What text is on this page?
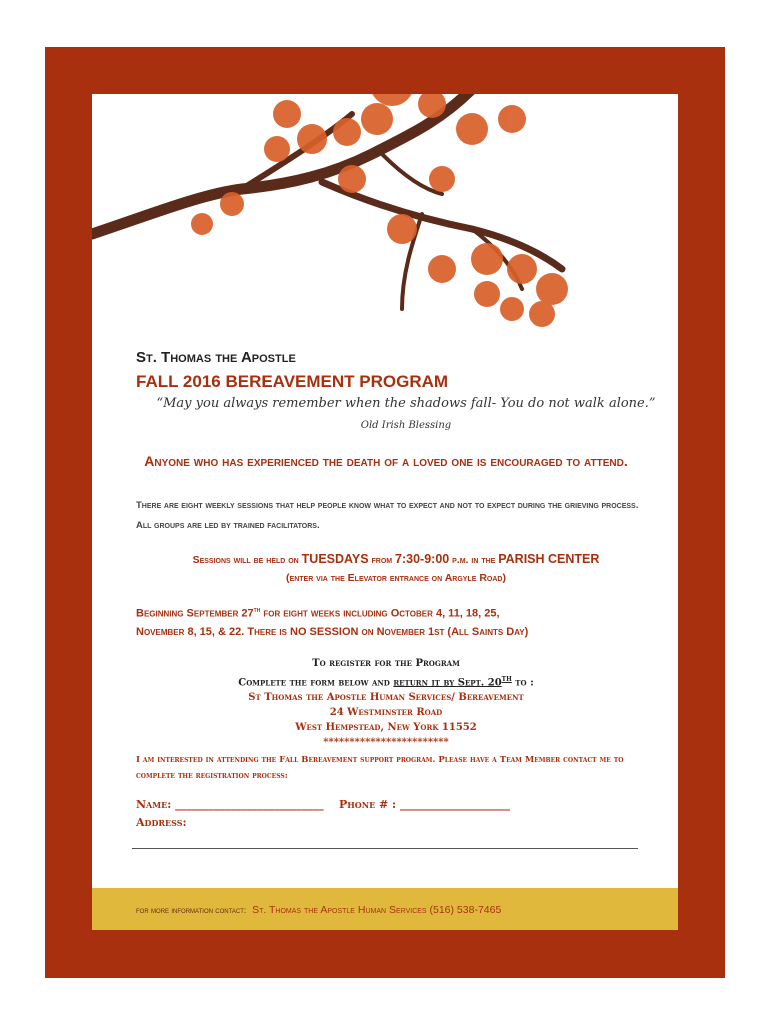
St. Thomas the Apostle
FALL 2016 BEREAVEMENT PROGRAM
“May you always remember when the shadows fall- You do not walk alone.”
Old Irish Blessing
Anyone who has experienced the death of a loved one is encouraged to attend.
There are eight weekly sessions that help people know what to expect and not to expect during the grieving process. All groups are led by trained facilitators.
Sessions will be held on TUESDAYS from 7:30-9:00 p.m. in the PARISH CENTER
(enter via the Elevator entrance on Argyle Road)
Beginning September 27th for eight weeks including October 4, 11, 18, 25,
November 8, 15, & 22. There is NO SESSION on November 1st (All Saints Day)
To register for the Program
Complete the form below and return it by Sept. 20th to :
St Thomas the Apostle Human Services/ Bereavement
24 Westminster Road
West Hempstead, New York 11552
************************
I am interested in attending the Fall Bereavement support program. Please have a Team Member contact me to complete the registration process:
Name: ___________________________ Phone # : ____________________
Address:
for more information contact: St. Thomas the Apostle Human Services (516) 538-7465
